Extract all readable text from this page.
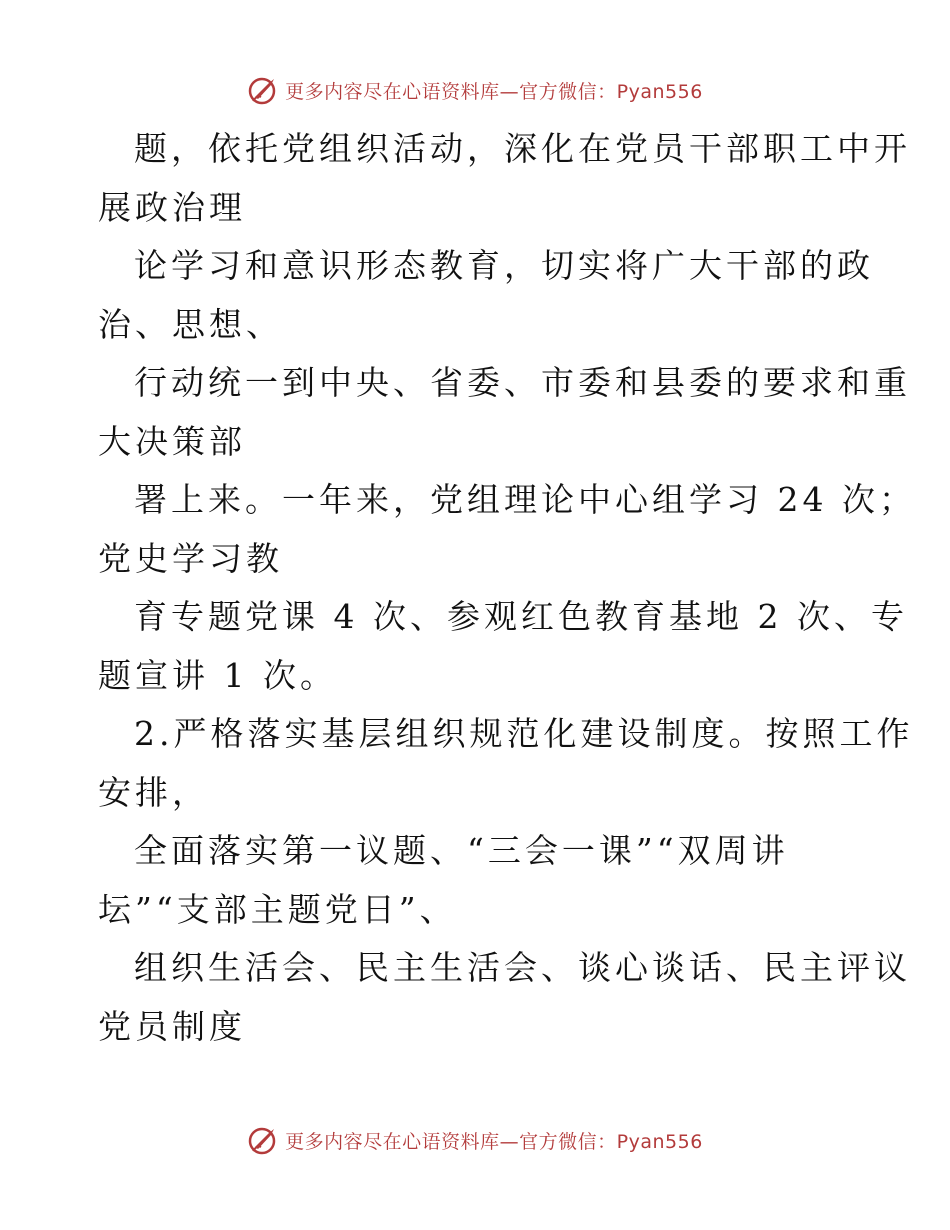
更多内容尽在心语资料库—官方微信：Pyan556
题，依托党组织活动，深化在党员干部职工中开
展政治理
论学习和意识形态教育，切实将广大干部的政
治、思想、
行动统一到中央、省委、市委和县委的要求和重
大决策部
署上来。一年来，党组理论中心组学习 24 次；
党史学习教
育专题党课 4 次、参观红色教育基地 2 次、专
题宣讲 1 次。
2.严格落实基层组织规范化建设制度。按照工作
安排，
全面落实第一议题、“三会一课”“双周讲
坛”“支部主题党日”、
组织生活会、民主生活会、谈心谈话、民主评议
党员制度
更多内容尽在心语资料库—官方微信：Pyan556
